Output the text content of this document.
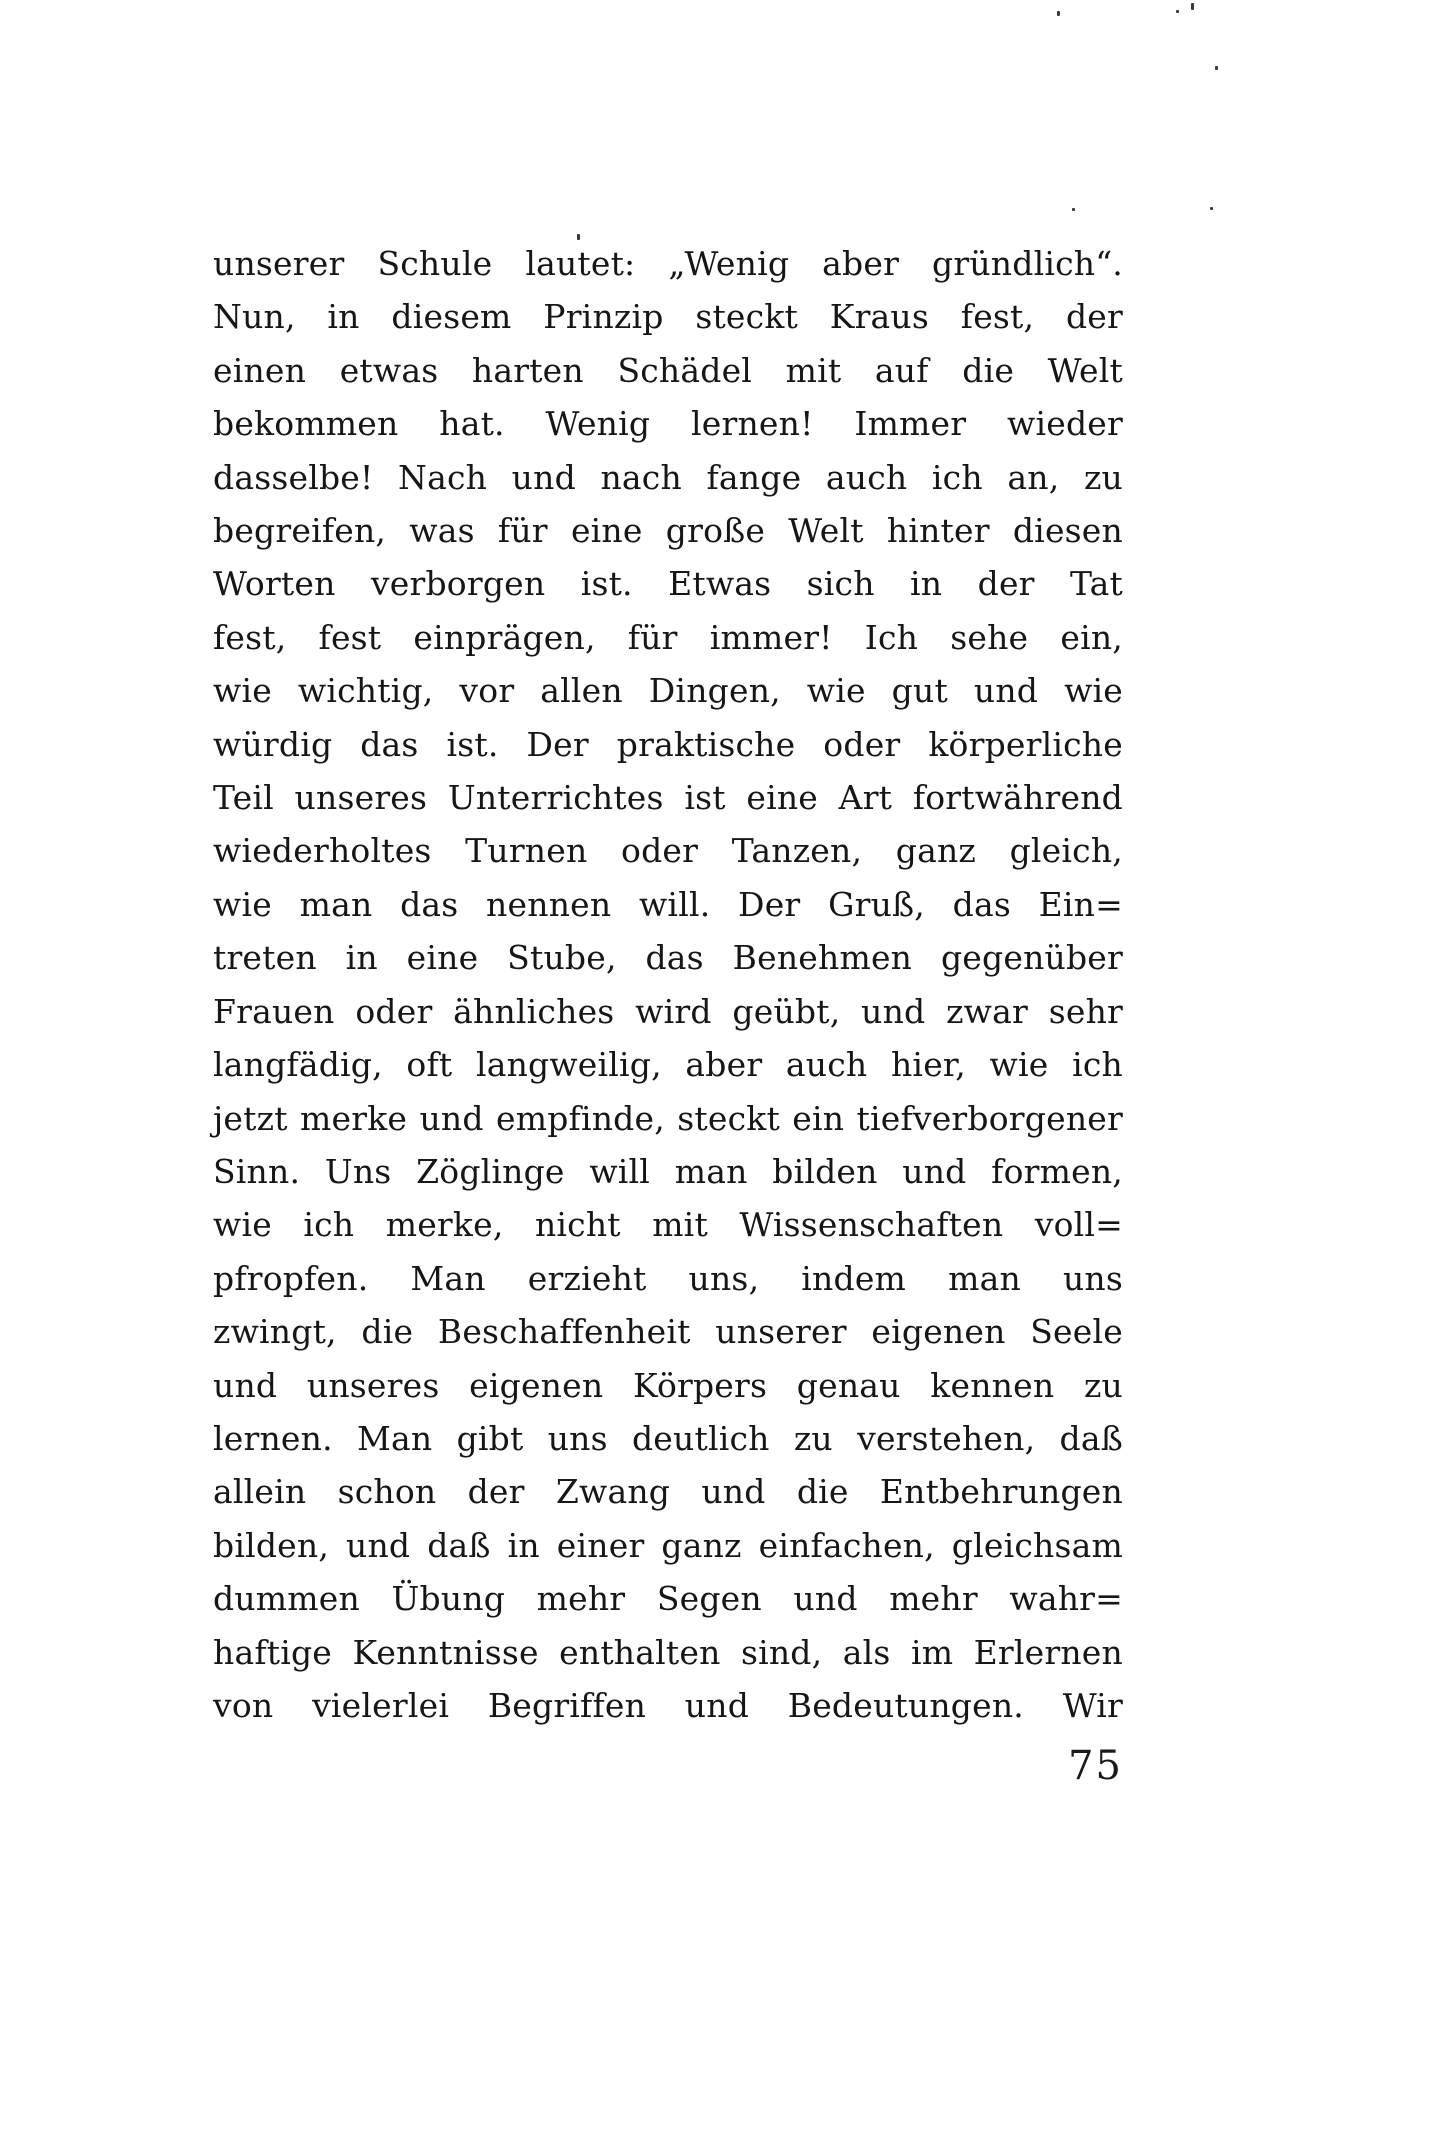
unserer Schule lautet: „Wenig aber gründlich“.
Nun, in diesem Prinzip steckt Kraus fest, der
einen etwas harten Schädel mit auf die Welt
bekommen hat. Wenig lernen! Immer wieder
dasselbe! Nach und nach fange auch ich an, zu
begreifen, was für eine große Welt hinter diesen
Worten verborgen ist. Etwas sich in der Tat
fest, fest einprägen, für immer! Ich sehe ein,
wie wichtig, vor allen Dingen, wie gut und wie
würdig das ist. Der praktische oder körperliche
Teil unseres Unterrichtes ist eine Art fortwährend
wiederholtes Turnen oder Tanzen, ganz gleich,
wie man das nennen will. Der Gruß, das Ein=
treten in eine Stube, das Benehmen gegenüber
Frauen oder ähnliches wird geübt, und zwar sehr
langfädig, oft langweilig, aber auch hier, wie ich
jetzt merke und empfinde, steckt ein tiefverborgener
Sinn. Uns Zöglinge will man bilden und formen,
wie ich merke, nicht mit Wissenschaften voll=
pfropfen. Man erzieht uns, indem man uns
zwingt, die Beschaffenheit unserer eigenen Seele
und unseres eigenen Körpers genau kennen zu
lernen. Man gibt uns deutlich zu verstehen, daß
allein schon der Zwang und die Entbehrungen
bilden, und daß in einer ganz einfachen, gleichsam
dummen Übung mehr Segen und mehr wahr=
haftige Kenntnisse enthalten sind, als im Erlernen
von vielerlei Begriffen und Bedeutungen. Wir
75
